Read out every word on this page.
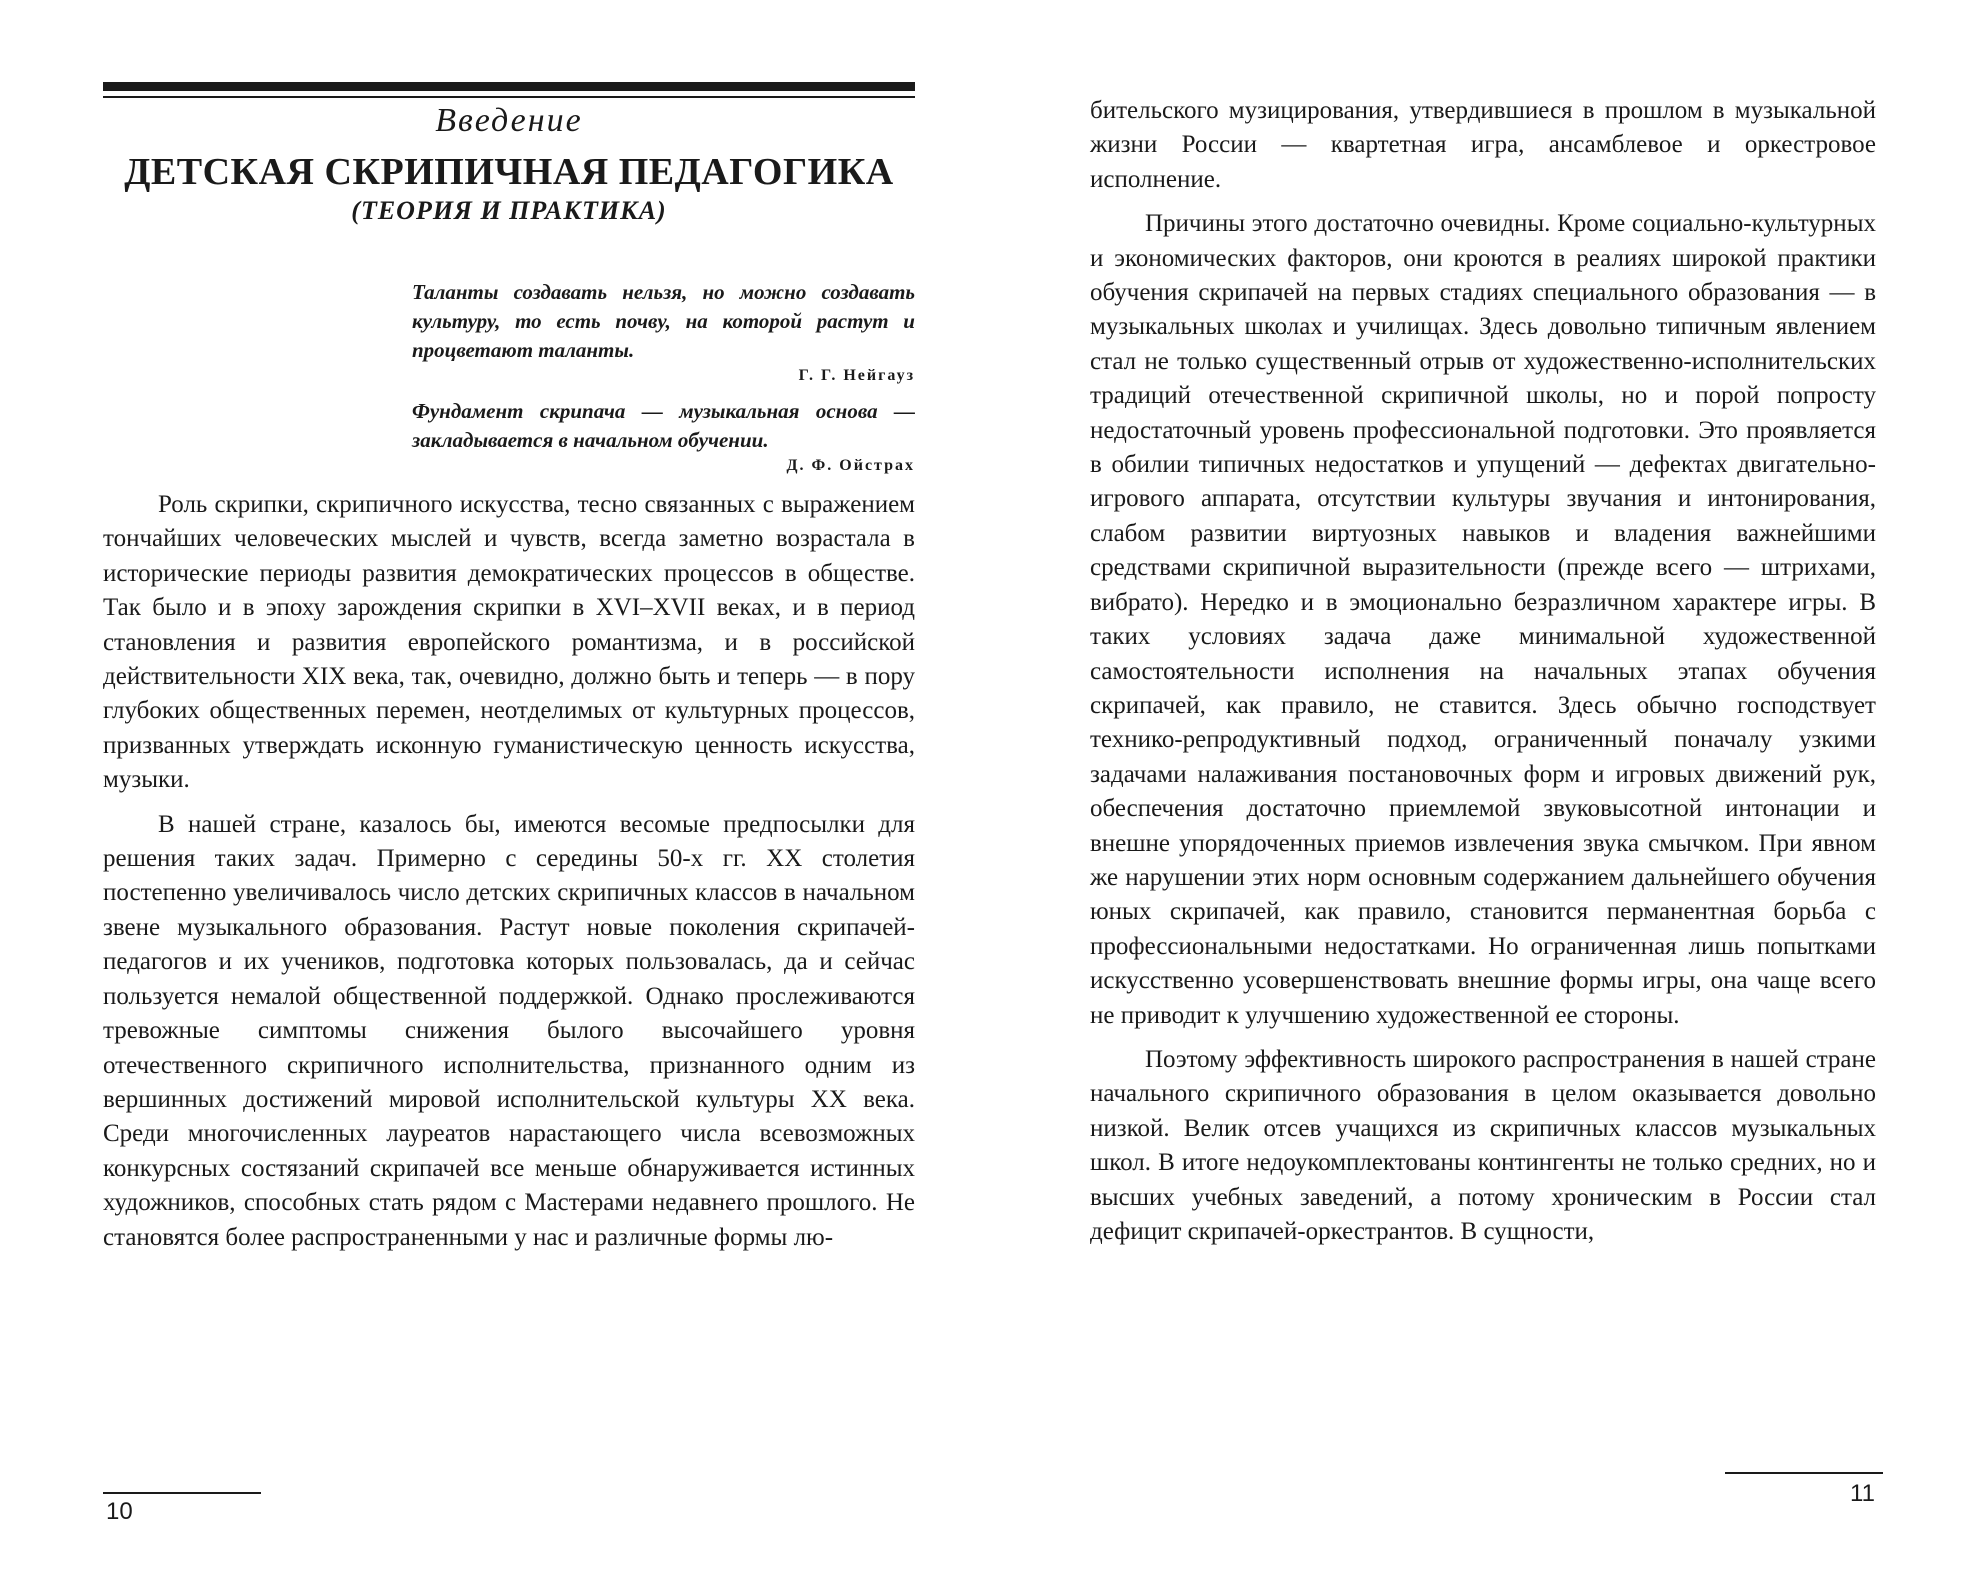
Введение
ДЕТСКАЯ СКРИПИЧНАЯ ПЕДАГОГИКА
(ТЕОРИЯ И ПРАКТИКА)
Таланты создавать нельзя, но можно создавать культуру, то есть почву, на которой растут и процветают таланты.
Г. Г. Нейгауз
Фундамент скрипача — музыкальная основа — закладывается в начальном обучении.
Д. Ф. Ойстрах

Роль скрипки, скрипичного искусства, тесно связанных с выражением тончайших человеческих мыслей и чувств, всегда заметно возрастала в исторические периоды развития демократических процессов в обществе. Так было и в эпоху зарождения скрипки в XVI–XVII веках, и в период становления и развития европейского романтизма, и в российской действительности XIX века, так, очевидно, должно быть и теперь — в пору глубоких общественных перемен, неотделимых от культурных процессов, призванных утверждать исконную гуманистическую ценность искусства, музыки.

В нашей стране, казалось бы, имеются весомые предпосылки для решения таких задач. Примерно с середины 50-х гг. XX столетия постепенно увеличивалось число детских скрипичных классов в начальном звене музыкального образования. Растут новые поколения скрипачей-педагогов и их учеников, подготовка которых пользовалась, да и сейчас пользуется немалой общественной поддержкой. Однако прослеживаются тревожные симптомы снижения былого высочайшего уровня отечественного скрипичного исполнительства, признанного одним из вершинных достижений мировой исполнительской культуры XX века. Среди многочисленных лауреатов нарастающего числа всевозможных конкурсных состязаний скрипачей все меньше обнаруживается истинных художников, способных стать рядом с Мастерами недавнего прошлого. Не становятся более распространенными у нас и различные формы лю-

10

бительского музицирования, утвердившиеся в прошлом в музыкальной жизни России — квартетная игра, ансамблевое и оркестровое исполнение.

Причины этого достаточно очевидны. Кроме социально-культурных и экономических факторов, они кроются в реалиях широкой практики обучения скрипачей на первых стадиях специального образования — в музыкальных школах и училищах. Здесь довольно типичным явлением стал не только существенный отрыв от художественно-исполнительских традиций отечественной скрипичной школы, но и порой попросту недостаточный уровень профессиональной подготовки. Это проявляется в обилии типичных недостатков и упущений — дефектах двигательно-игрового аппарата, отсутствии культуры звучания и интонирования, слабом развитии виртуозных навыков и владения важнейшими средствами скрипичной выразительности (прежде всего — штрихами, вибрато). Нередко и в эмоционально безразличном характере игры. В таких условиях задача даже минимальной художественной самостоятельности исполнения на начальных этапах обучения скрипачей, как правило, не ставится. Здесь обычно господствует технико-репродуктивный подход, ограниченный поначалу узкими задачами налаживания постановочных форм и игровых движений рук, обеспечения достаточно приемлемой звуковысотной интонации и внешне упорядоченных приемов извлечения звука смычком. При явном же нарушении этих норм основным содержанием дальнейшего обучения юных скрипачей, как правило, становится перманентная борьба с профессиональными недостатками. Но ограниченная лишь попытками искусственно усовершенствовать внешние формы игры, она чаще всего не приводит к улучшению художественной ее стороны.

Поэтому эффективность широкого распространения в нашей стране начального скрипичного образования в целом оказывается довольно низкой. Велик отсев учащихся из скрипичных классов музыкальных школ. В итоге недоукомплектованы контингенты не только средних, но и высших учебных заведений, а потому хроническим в России стал дефицит скрипачей-оркестрантов. В сущности,

11
